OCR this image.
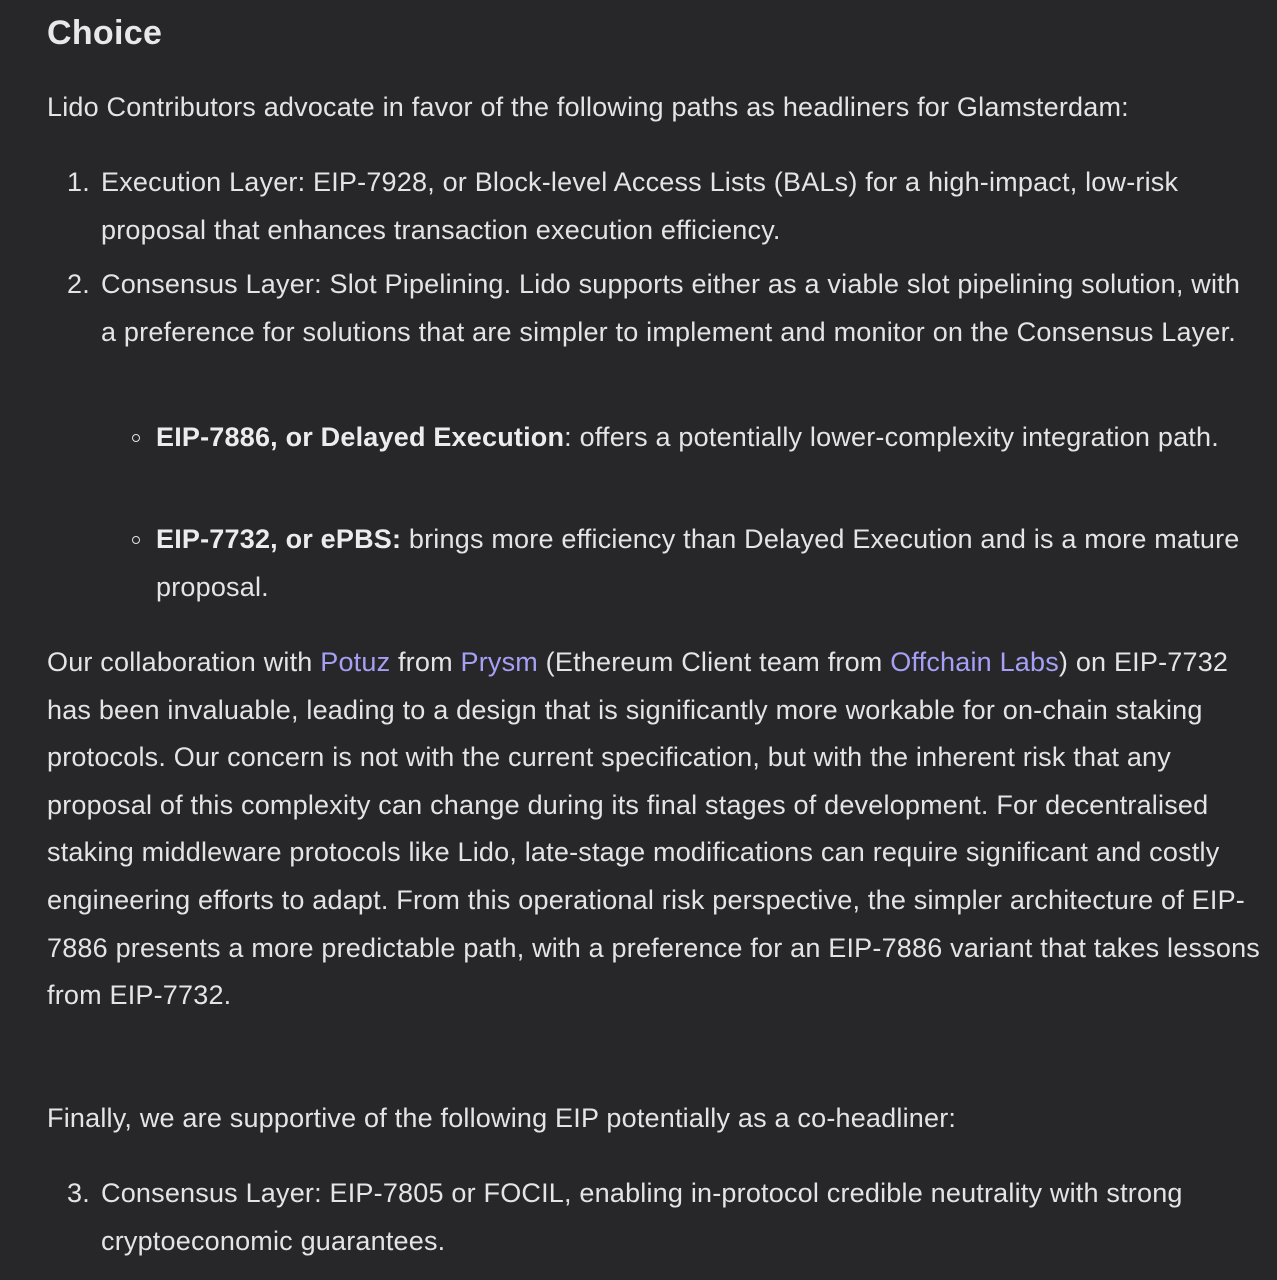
Choice

Lido Contributors advocate in favor of the following paths as headliners for Glamsterdam:

1. Execution Layer: EIP-7928, or Block-level Access Lists (BALs) for a high-impact, low-risk proposal that enhances transaction execution efficiency.
2. Consensus Layer: Slot Pipelining. Lido supports either as a viable slot pipelining solution, with a preference for solutions that are simpler to implement and monitor on the Consensus Layer.
EIP-7886, or Delayed Execution: offers a potentially lower-complexity integration path.
EIP-7732, or ePBS: brings more efficiency than Delayed Execution and is a more mature proposal.

Our collaboration with Potuz from Prysm (Ethereum Client team from Offchain Labs) on EIP-7732 has been invaluable, leading to a design that is significantly more workable for on-chain staking protocols. Our concern is not with the current specification, but with the inherent risk that any proposal of this complexity can change during its final stages of development. For decentralised staking middleware protocols like Lido, late-stage modifications can require significant and costly engineering efforts to adapt. From this operational risk perspective, the simpler architecture of EIP-7886 presents a more predictable path, with a preference for an EIP-7886 variant that takes lessons from EIP-7732.

Finally, we are supportive of the following EIP potentially as a co-headliner:

3. Consensus Layer: EIP-7805 or FOCIL, enabling in-protocol credible neutrality with strong cryptoeconomic guarantees.
